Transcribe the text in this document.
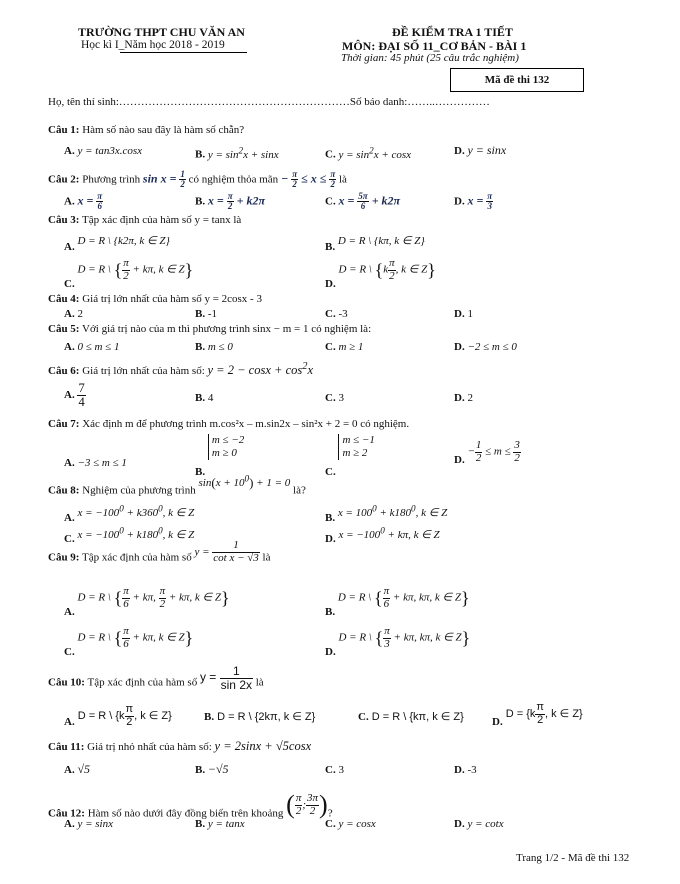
TRƯỜNG THPT CHU VĂN AN
Học kì I_Năm học 2018 - 2019
ĐỀ KIỂM TRA 1 TIẾT
MÔN: ĐẠI SỐ 11_CƠ BẢN - BÀI 1
Thời gian: 45 phút (25 câu trắc nghiệm)
Mã đề thi 132
Họ, tên thí sinh:………………………………………………………Số báo danh:……..……………
Câu 1: Hàm số nào sau đây là hàm số chẵn?
A. y = tan3x.cosx	B. $y = \sin^2x + \sin x$	C. $y = \sin^2x + \cos x$	D. y = sinx
Câu 2: Phương trình $\sin x = \frac{1}{2}$ có nghiệm thỏa mãn − $\frac{\pi}{2} \le x \le \frac{\pi}{2}$ là
A. $x = \frac{\pi}{6}$	B. $x = \frac{\pi}{2} + k2\pi$	C. $x = \frac{5\pi}{6} + k2\pi$	D. $x = \frac{\pi}{3}$
Câu 3: Tập xác định của hàm số y = tanx là
A. D = R \ {k2π, k ∈ Z}	B. D = R \ {kπ, k ∈ Z}
C. D = R \ { $\frac{\pi}{2} + k\pi$, k ∈ Z}
D. D = R \ {$k \frac{\pi}{2}$ , k ∈ Z}
Câu 4: Giá trị lớn nhất của hàm số y = 2cosx - 3
A. 2	B. -1	C. -3	D. 1
Câu 5: Với giá trị nào của m thì phương trình sinx − m = 1 có nghiệm là:
A. 0 ≤ m ≤ 1	B. m ≤ 0	C. m ≥ 1	D. −2 ≤ m ≤ 0
Câu 6: Giá trị lớn nhất của hàm số: $y = 2 - \cos x + \cos^2x$
A. $\frac{7}{4}$	B. 4	C. 3	D. 2
Câu 7: Xác định m để phương trình m.cos²x – m.sin2x – sin²x + 2 = 0 có nghiệm.
A. −3 ≤ m ≤ 1
B. m ≤ −2
m ≥ 0
C. m ≤ −1
m ≥ 2
D. − $\frac{1}{2} \le m \le \frac{3}{2}$
Câu 8: Nghiệm của phương trình $\sin(x + 10^0) + 1 = 0$ là?
A. $x = -100^0 + k360^0$, k ∈ Z	B. $x = 100^0 + k180^0$, k ∈ Z
C. $x = -100^0 + k180^0$, k ∈ Z	D. $x = -100^0 + k\pi$, k ∈ Z
Câu 9: Tập xác định của hàm số $y = \frac{1}{\text{cot x − √3}}$ là
A. D = R \ { $\frac{\pi}{6} + k\pi$, $\frac{\pi}{2} + k\pi$, k ∈ Z}
B. D = R \ { $\frac{\pi}{6} + k\pi$, kπ, k ∈ Z}
C. D = R \ { $\frac{\pi}{6} + k\pi$, k ∈ Z}
D. D = R \ { $\frac{\pi}{3} + k\pi$, kπ, k ∈ Z}
Câu 10: Tập xác định của hàm số $y = \frac{1}{\sin 2x}$ là
A. D = R \ {$k \frac{\pi}{2}$ , k ∈ Z}	B. D = R \ {2kπ, k ∈ Z}	C. D = R \ {kπ, k ∈ Z}	D. $D = \{k \frac{\pi}{2}$ , k ∈ Z}
Câu 11: Giá trị nhỏ nhất của hàm số: y = 2sinx + √5cosx
A. √5	B. −√5	C. 3	D. -3
Câu 12: Hàm số nào dưới đây đồng biến trên khoảng ( $\frac{\pi}{2}$ ; $\frac{3\pi}{2}$ )?
A. y = sinx	B. y = tanx	C. y = cosx	D. y = cotx
Trang 1/2 - Mã đề thi 132
